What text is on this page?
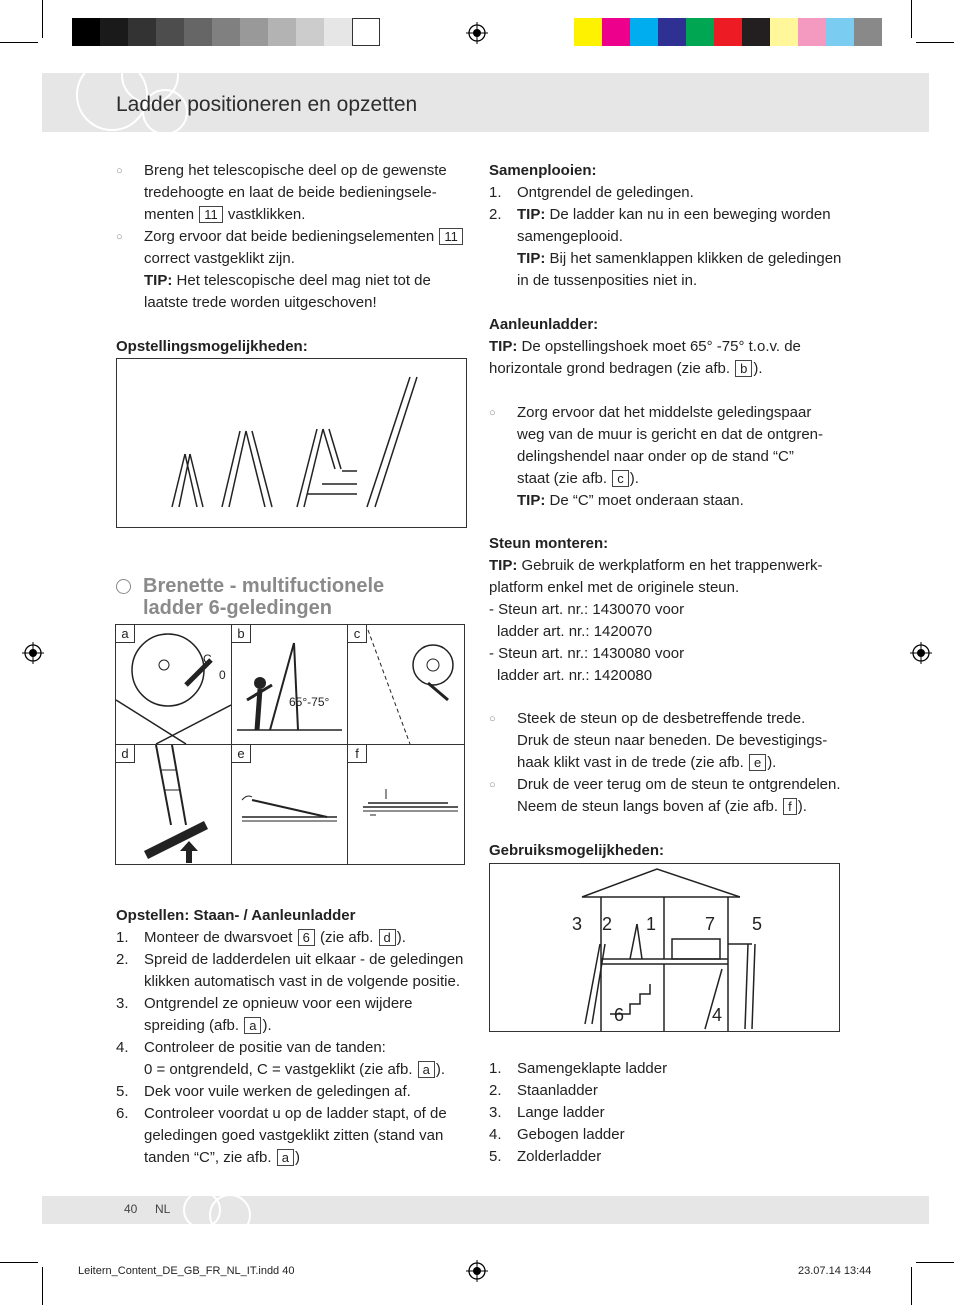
Ladder positioneren en opzetten
○ Breng het telescopische deel op de gewenste
tredehoogte en laat de beide bedieningsele-
menten 11 vastklikken.
○ Zorg ervoor dat beide bedieningselementen 11
correct vastgeklikt zijn.
TIP: Het telescopische deel mag niet tot de
laatste trede worden uitgeschoven!
Opstellingsmogelijkheden:
Brenette - multifuctionele
ladder 6-geledingen
a	b	c
d	e	f
C
0
65°-75°
Opstellen: Staan- / Aanleunladder
1. Monteer de dwarsvoet 6 (zie afb. d ).
2. Spreid de ladderdelen uit elkaar - de geledingen
klikken automatisch vast in de volgende positie.
3. Ontgrendel ze opnieuw voor een wijdere
spreiding (afb. a ).
4. Controleer de positie van de tanden:
0 = ontgrendeld, C = vastgeklikt (zie afb. a ).
5. Dek voor vuile werken de geledingen af.
6. Controleer voordat u op de ladder stapt, of de
geledingen goed vastgeklikt zitten (stand van
tanden “C”, zie afb. a )
Samenplooien:
1. Ontgrendel de geledingen.
2. TIP: De ladder kan nu in een beweging worden
samengeplooid.
TIP: Bij het samenklappen klikken de geledingen
in de tussenposities niet in.
Aanleunladder:
TIP: De opstellingshoek moet 65° -75° t.o.v. de
horizontale grond bedragen (zie afb. b ).
○ Zorg ervoor dat het middelste geledingspaar
weg van de muur is gericht en dat de ontgren-
delingshendel naar onder op de stand “C”
staat (zie afb. c ).
TIP: De “C” moet onderaan staan.
Steun monteren:
TIP: Gebruik de werkplatform en het trappenwerk-
platform enkel met de originele steun.
- Steun art. nr.: 1430070 voor
ladder art. nr.: 1420070
- Steun art. nr.: 1430080 voor
ladder art. nr.: 1420080
○ Steek de steun op de desbetreffende trede.
Druk de steun naar beneden. De bevestigings-
haak klikt vast in de trede (zie afb. e ).
○ Druk de veer terug om de steun te ontgrendelen.
Neem de steun langs boven af (zie afb. f ).
Gebruiksmogelijkheden:
3 2 1	7 5
6	4
1. Samengeklapte ladder
2. Staanladder
3. Lange ladder
4. Gebogen ladder
5. Zolderladder
40 NL
Leitern_Content_DE_GB_FR_NL_IT.indd 40	23.07.14 13:44
